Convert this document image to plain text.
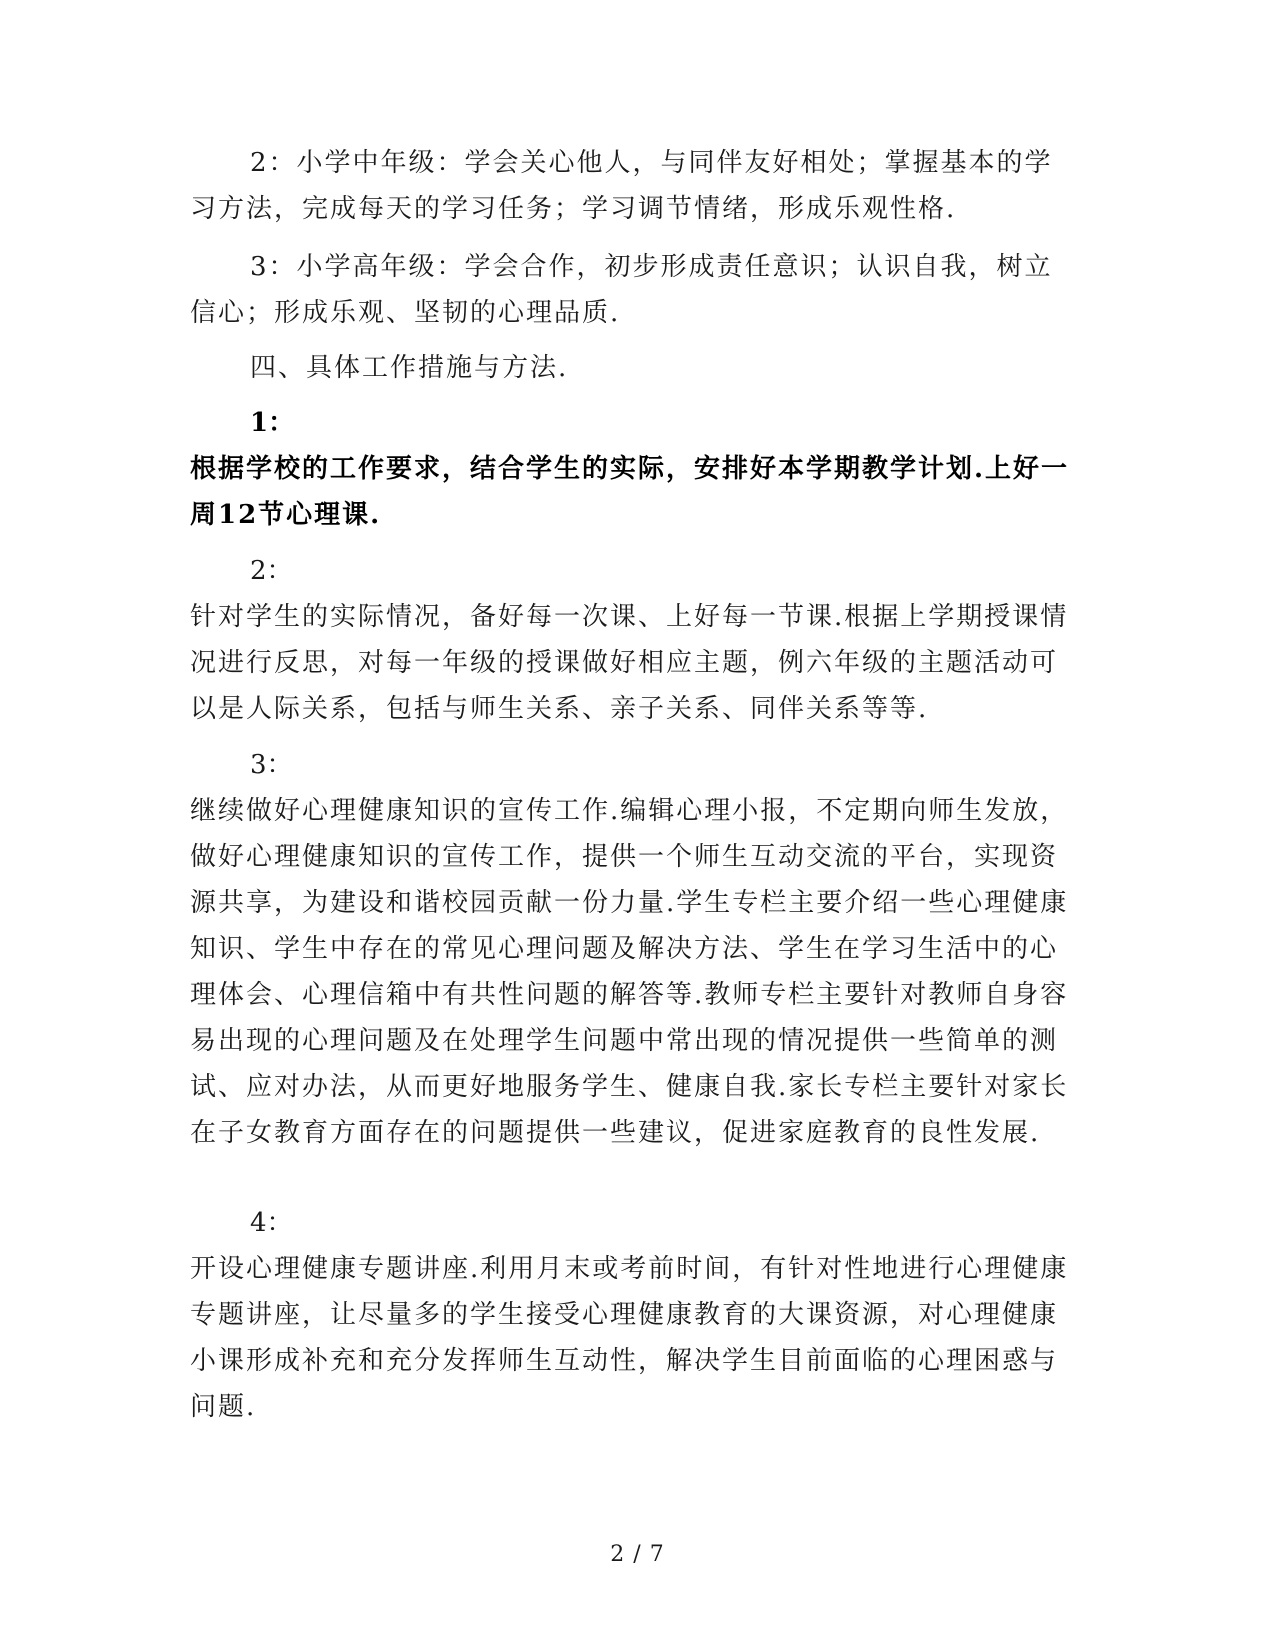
2：小学中年级：学会关心他人，与同伴友好相处；掌握基本的学习方法，完成每天的学习任务；学习调节情绪，形成乐观性格.

3：小学高年级：学会合作，初步形成责任意识；认识自我，树立信心；形成乐观、坚韧的心理品质.

四、具体工作措施与方法.

1：

根据学校的工作要求，结合学生的实际，安排好本学期教学计划.上好一周12节心理课.

2：

针对学生的实际情况，备好每一次课、上好每一节课.根据上学期授课情况进行反思，对每一年级的授课做好相应主题，例六年级的主题活动可以是人际关系，包括与师生关系、亲子关系、同伴关系等等.

3：

继续做好心理健康知识的宣传工作.编辑心理小报，不定期向师生发放，做好心理健康知识的宣传工作，提供一个师生互动交流的平台，实现资源共享，为建设和谐校园贡献一份力量.学生专栏主要介绍一些心理健康知识、学生中存在的常见心理问题及解决方法、学生在学习生活中的心理体会、心理信箱中有共性问题的解答等.教师专栏主要针对教师自身容易出现的心理问题及在处理学生问题中常出现的情况提供一些简单的测试、应对办法，从而更好地服务学生、健康自我.家长专栏主要针对家长在子女教育方面存在的问题提供一些建议，促进家庭教育的良性发展.

4：

开设心理健康专题讲座.利用月末或考前时间，有针对性地进行心理健康专题讲座，让尽量多的学生接受心理健康教育的大课资源，对心理健康小课形成补充和充分发挥师生互动性，解决学生目前面临的心理困惑与问题.

2 / 7
